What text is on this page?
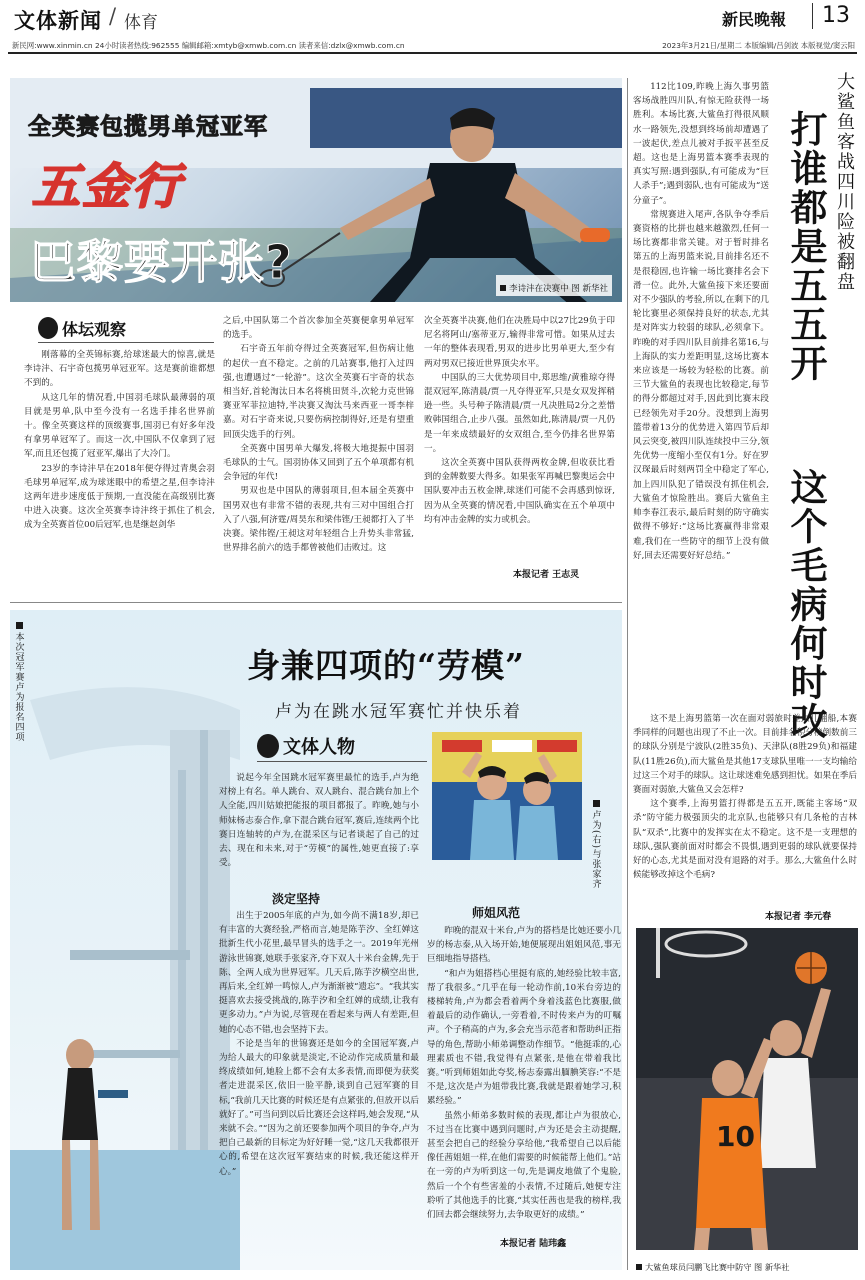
文体新闻 / 体育	新民晚報 13
新民网:www.xinmin.cn 24小时读者热线:962555 编辑邮箱:xmtyb@xmwb.com.cn 读者来信:dzlx@xmwb.com.cn	2023年3月21日/星期二 本版编辑/吕剑波 本版视觉/窦云阳
全英赛包揽男单冠亚军
五金行
巴黎要开张?	李诗沣在决赛中 图 新华社
体坛观察

刚落幕的全英锦标赛,给球迷最大的惊喜,就是李诗沣、石宇奇包揽男单冠亚军。这是赛前谁都想不到的。

从这几年的情况看,中国羽毛球队最薄弱的项目就是男单,队中至今没有一名选手排名世界前十。像全英赛这样的顶级赛事,国羽已有好多年没有拿男单冠军了。而这一次,中国队不仅拿到了冠军,而且还包揽了冠亚军,爆出了大冷门。

23岁的李诗沣早在2018年便夺得过青奥会羽毛球男单冠军,成为球迷眼中的希望之星,但李诗沣这两年进步速度低于预期,一直没能在高级别比赛中进入决赛。这次全英赛李诗沣终于抓住了机会,成为全英赛首位00后冠军,也是继赵剑华

之后,中国队第二个首次参加全英赛便拿男单冠军的选手。

石宇奇五年前夺得过全英赛冠军,但伤病让他的起伏一直不稳定。之前的几站赛事,他打入过四强,也遭遇过“一轮游”。这次全英赛石宇奇的状态相当好,首轮淘汰日本名将桃田贤斗,次轮力克世锦赛亚军菲拉迪特,半决赛又淘汰马来西亚一哥李梓嘉。对石宇奇来说,只要伤病控制得好,还是有望重回顶尖选手的行列。

全英赛中国男单大爆发,将极大地提振中国羽毛球队的士气。国羽协体又回到了五个单项都有机会争冠的年代!

男双也是中国队的薄弱项目,但本届全英赛中国男双也有非常不错的表现,共有三对中国组合打入了八强,何济霆/周昊东和梁伟铿/王昶都打入了半决赛。梁伟铿/王昶这对年轻组合上升势头非常猛,世界排名前六的选手都曾被他们击败过。这

次全英赛半决赛,他们在决胜局中以27比29负于印尼名将阿山/塞蒂亚万,输得非常可惜。如果从过去一年的整体表现看,男双的进步比男单更大,至少有两对男双已接近世界顶尖水平。

中国队的三大优势项目中,郑思维/黄雅琼夺得混双冠军,陈清晨/贾一凡夺得亚军,只是女双发挥稍逊一些。头号种子陈清晨/贾一凡决胜局2分之差惜败韩国组合,止步八强。虽然如此,陈清晨/贾一凡仍是一年来成绩最好的女双组合,至今仍排名世界第一。

这次全英赛中国队获得两枚金牌,但收获比看到的金牌数要大得多。如果张军再喊巴黎奥运会中国队要冲击五枚金牌,球迷们可能不会再感到惊讶,因为从全英赛的情况看,中国队确实在五个单项中均有冲击金牌的实力或机会。

本报记者 王志灵
本次冠军赛卢为报名四项	身兼四项的“劳模”
卢为在跳水冠军赛忙并快乐着
文体人物
卢为(右)与张家齐

说起今年全国跳水冠军赛里最忙的选手,卢为绝对榜上有名。单人跳台、双人跳台、混合跳台加上个人全能,四川姑娘把能报的项目都报了。昨晚,她与小师妹杨志泰合作,拿下混合跳台冠军,赛后,连续两个比赛日连轴转的卢为,在混采区与记者谈起了自己的过去、现在和未来,对于“劳模”的属性,她更直接了:享受。

淡定坚持

出生于2005年底的卢为,如今尚不满18岁,却已有丰富的大赛经验,严格而言,她是陈芋汐、全红婵这批新生代小花里,最早冒头的选手之一。2019年光州游泳世锦赛,她联手张家齐,夺下双人十米台金牌,先于陈、全两人成为世界冠军。几天后,陈芋汐横空出世,再后来,全红婵一鸣惊人,卢为渐渐被“遗忘”。“我其实挺喜欢去接受挑战的,陈芋汐和全红婵的成绩,让我有更多动力。”卢为说,尽管现在看起来与两人有差距,但她的心态不错,也会坚持下去。

不论是当年的世锦赛还是如今的全国冠军赛,卢为给人最大的印象就是淡定,不论动作完成质量和最终成绩如何,她脸上都不会有太多表情,而即便为获奖者走进混采区,依旧一脸平静,谈到自己冠军赛的目标,“我前几天比赛的时候还是有点紧张的,但放开以后就好了。”可当问到以后比赛还会这样吗,她会发现,“从来就不会。”“因为之前还要参加两个项目的争夺,卢为把自己最新的目标定为好好睡一觉,“这几天我都很开心的,希望在这次冠军赛结束的时候,我还能这样开心。”

师姐风范

昨晚的混双十米台,卢为的搭档是比她还要小几岁的杨志泰,从入场开始,她便展现出姐姐风范,事无巨细地指导搭档。

“和卢为姐搭档心里挺有底的,她经验比较丰富,帮了我很多。”几乎在每一轮动作前,10米台旁边的楼梯转角,卢为都会看着两个身着浅蓝色比赛服,做着最后的动作确认,一旁看着,不时传来卢为的叮嘱声。个子稍高的卢为,多会充当示范者和帮助纠正指导的角色,帮助小师弟调整动作细节。“他挺乖的,心理素质也不错,我觉得有点紧张,是他在带着我比赛。”听到师姐如此夸奖,杨志泰露出腼腆笑容:“不是不是,这次是卢为姐带我比赛,我就是跟着她学习,积累经验。”

虽然小师弟多数时候的表现,都让卢为很放心,不过当在比赛中遇到问题时,卢为还是会主动提醒,甚至会把自己的经验分享给他,“我希望自己以后能像任茜姐姐一样,在他们需要的时候能帮上他们。”站在一旁的卢为听到这一句,先是调皮地做了个鬼脸,然后一个个有些害羞的小表情,不过随后,她便专注聆听了其他选手的比赛,“其实任茜也是我的榜样,我们回去都会继续努力,去争取更好的成绩。”

本报记者 陆玮鑫

112比109,昨晚上海久事男篮客场战胜四川队,有惊无险获得一场胜利。本场比赛,大鲨鱼打得很风顺水一路领先,没想到终场前却遭遇了一波起伏,差点儿被对手扳平甚至反超。这也是上海男篮本赛季表现的真实写照:遇到强队,有可能成为“巨人杀手”;遇到弱队,也有可能成为“送分童子”。

常规赛进入尾声,各队争夺季后赛资格的比拼也越来越激烈,任何一场比赛都非常关键。对于暂时排名第五的上海男篮来说,目前排名还不是很稳固,也许输一场比赛排名会下滑一位。此外,大鲨鱼接下来还要面对不少强队的考验,所以,在剩下的几轮比赛里必须保持良好的状态,尤其是对阵实力较弱的球队,必须拿下。昨晚的对手四川队目前排名第16,与上海队的实力差距明显,这场比赛本来应该是一场较为轻松的比赛。前三节大鲨鱼的表现也比较稳定,每节的得分都超过对手,因此到比赛末段已经领先对手20分。没想到上海男篮带着13分的优势进入第四节后却风云突变,被四川队连续投中三分,领先优势一度缩小至仅有1分。好在罗汉琛最后时刻两罚全中稳定了军心,加上四川队犯了错误没有抓住机会,大鲨鱼才惊险胜出。赛后大鲨鱼主帅李春江表示,最后时刻的防守确实做得不够好:“这场比赛赢得非常艰难,我们在一些防守的细节上没有做好,回去还需要好好总结。”

大鲨鱼客战四川险被翻盘
打谁都是五五开
这个毛病何时改

这不是上海男篮第一次在面对弱旅时差点儿翻船,本赛季同样的问题也出现了不止一次。目前排名积分榜倒数前三的球队分别是宁波队(2胜35负)、天津队(8胜29负)和福建队(11胜26负),而大鲨鱼是其他17支球队里唯一一支均输给过这三个对手的球队。这让球迷难免感到担忧。如果在季后赛面对弱旅,大鲨鱼又会怎样?

这个赛季,上海男篮打得都是五五开,既能主客场“双杀”防守能力极强顶尖的北京队,也能够只有几条枪的吉林队“双杀”,比赛中的发挥实在太不稳定。这不是一支理想的球队,强队赛前面对时都会不畏惧,遇到更弱的球队就要保持好的心态,尤其是面对没有退路的对手。那么,大鲨鱼什么时候能够改掉这个毛病?

本报记者 李元春
10
大鲨鱼球员闫鹏飞比赛中防守 图 新华社
